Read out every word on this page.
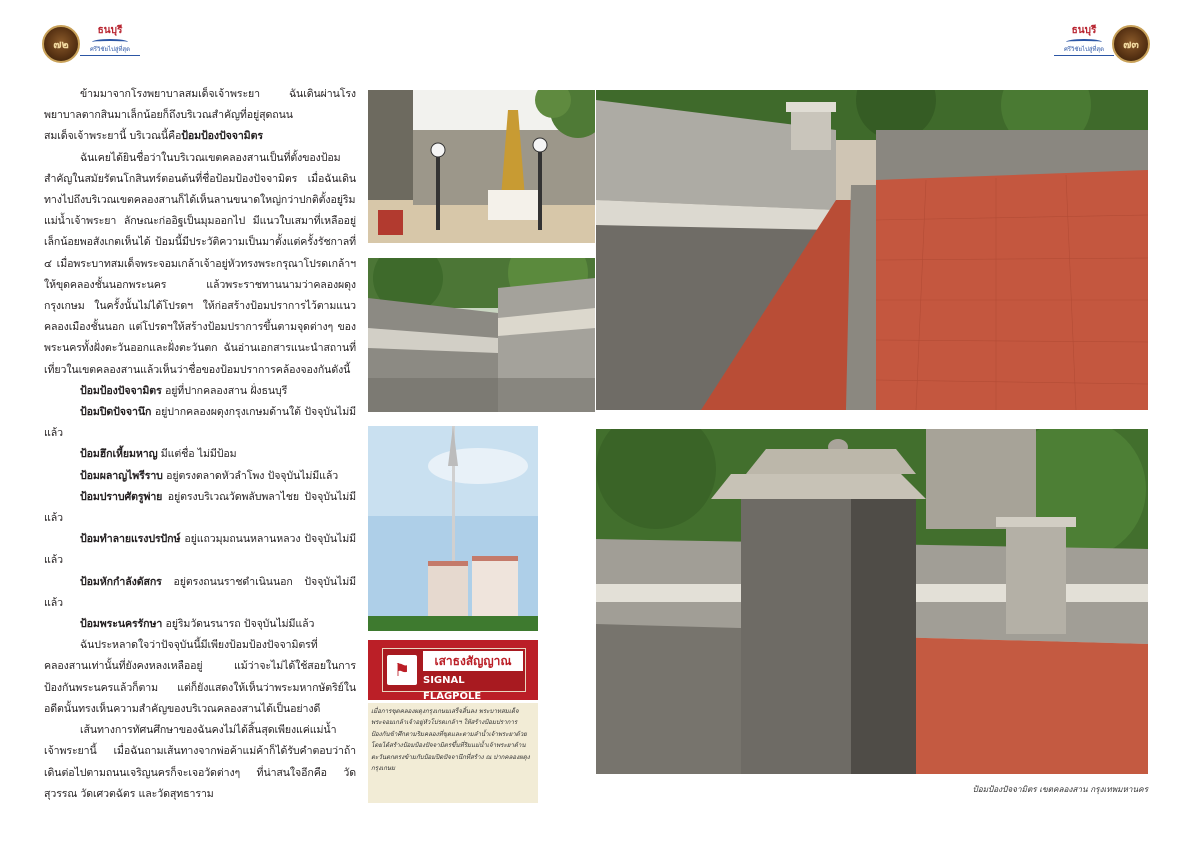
๗๒
ธนบุรี
ศรีวิชัยไปสู่ที่สุด
ธนบุรี
ศรีวิชัยไปสู่ที่สุด	๗๓

ข้ามมาจากโรงพยาบาลสมเด็จเจ้าพระยา ฉันเดินผ่านโรงพยาบาลตากสินมาเล็กน้อยก็ถึงบริเวณสำคัญที่อยู่สุดถนนสมเด็จเจ้าพระยานี้ บริเวณนี้คือป้อมป้องปัจจามิตร

ฉันเคยได้ยินชื่อว่าในบริเวณเขตคลองสานเป็นที่ตั้งของป้อมสำคัญในสมัยรัตนโกสินทร์ตอนต้นที่ชื่อป้อมป้องปัจจามิตร เมื่อฉันเดินทางไปถึงบริเวณเขตคลองสานก็ได้เห็นลานขนาดใหญ่กว่าปกติตั้งอยู่ริมแม่น้ำเจ้าพระยา ลักษณะก่ออิฐเป็นมุมออกไป มีแนวใบเสมาที่เหลืออยู่เล็กน้อยพอสังเกตเห็นได้ ป้อมนี้มีประวัติความเป็นมาตั้งแต่ครั้งรัชกาลที่ ๔ เมื่อพระบาทสมเด็จพระจอมเกล้าเจ้าอยู่หัวทรงพระกรุณาโปรดเกล้าฯ ให้ขุดคลองชั้นนอกพระนคร แล้วพระราชทานนามว่าคลองผดุงกรุงเกษม ในครั้งนั้นไม่ได้โปรดฯ ให้ก่อสร้างป้อมปราการไว้ตามแนวคลองเมืองชั้นนอก แต่โปรดฯให้สร้างป้อมปราการขึ้นตามจุดต่างๆ ของพระนครทั้งฝั่งตะวันออกและฝั่งตะวันตก ฉันอ่านเอกสารแนะนำสถานที่เที่ยวในเขตคลองสานแล้วเห็นว่าชื่อของป้อมปราการคล้องจองกันดังนี้

ป้อมป้องปัจจามิตร อยู่ที่ปากคลองสาน ฝั่งธนบุรี

ป้อมปิดปัจจานึก อยู่ปากคลองผดุงกรุงเกษมด้านใต้ ปัจจุบันไม่มีแล้ว

ป้อมฮึกเหี้ยมหาญ มีแต่ชื่อ ไม่มีป้อม

ป้อมผลาญไพรีราบ อยู่ตรงตลาดหัวลำโพง ปัจจุบันไม่มีแล้ว

ป้อมปราบศัตรูพ่าย อยู่ตรงบริเวณวัดพลับพลาไชย ปัจจุบันไม่มีแล้ว

ป้อมทำลายแรงปรปักษ์ อยู่แถวมุมถนนหลานหลวง ปัจจุบันไม่มีแล้ว

ป้อมหักกำลังดัสกร อยู่ตรงถนนราชดำเนินนอก ปัจจุบันไม่มีแล้ว

ป้อมพระนครรักษา อยู่ริมวัดนรนารถ ปัจจุบันไม่มีแล้ว

ฉันประหลาดใจว่าปัจจุบันนี้มีเพียงป้อมป้องปัจจามิตรที่คลองสานเท่านั้นที่ยังคงหลงเหลืออยู่ แม้ว่าจะไม่ได้ใช้สอยในการป้องกันพระนครแล้วก็ตาม แต่ก็ยังแสดงให้เห็นว่าพระมหากษัตริย์ในอดีตนั้นทรงเห็นความสำคัญของบริเวณคลองสานได้เป็นอย่างดี

เส้นทางการทัศนศึกษาของฉันคงไม่ได้สิ้นสุดเพียงแค่แม่น้ำเจ้าพระยานี้ เมื่อฉันถามเส้นทางจากพ่อค้าแม่ค้าก็ได้รับคำตอบว่าถ้าเดินต่อไปตามถนนเจริญนครก็จะเจอวัดต่างๆ ที่น่าสนใจอีกคือ วัดสุวรรณ วัดเศวตฉัตร และวัดสุทธาราม

⚑	เสาธงสัญญาณ
SIGNAL FLAGPOLE
เมื่อการขุดคลองผดุงกรุงเกษมเสร็จสิ้นลง พระบาทสมเด็จพระจอมเกล้าเจ้าอยู่หัวโปรดเกล้าฯ ให้สร้างป้อมปราการป้องกันข้าศึกตามริมคลองที่ขุดและตามลำน้ำเจ้าพระยาด้วย โดยได้สร้างป้อมป้องปัจจามิตรขึ้นที่ริมแม่น้ำเจ้าพระยาด้านตะวันตกตรงข้ามกับป้อมปิดปัจจานึกที่สร้าง ณ ปากคลองผดุงกรุงเกษม
ป้อมป้องปัจจามิตร เขตคลองสาน กรุงเทพมหานคร
